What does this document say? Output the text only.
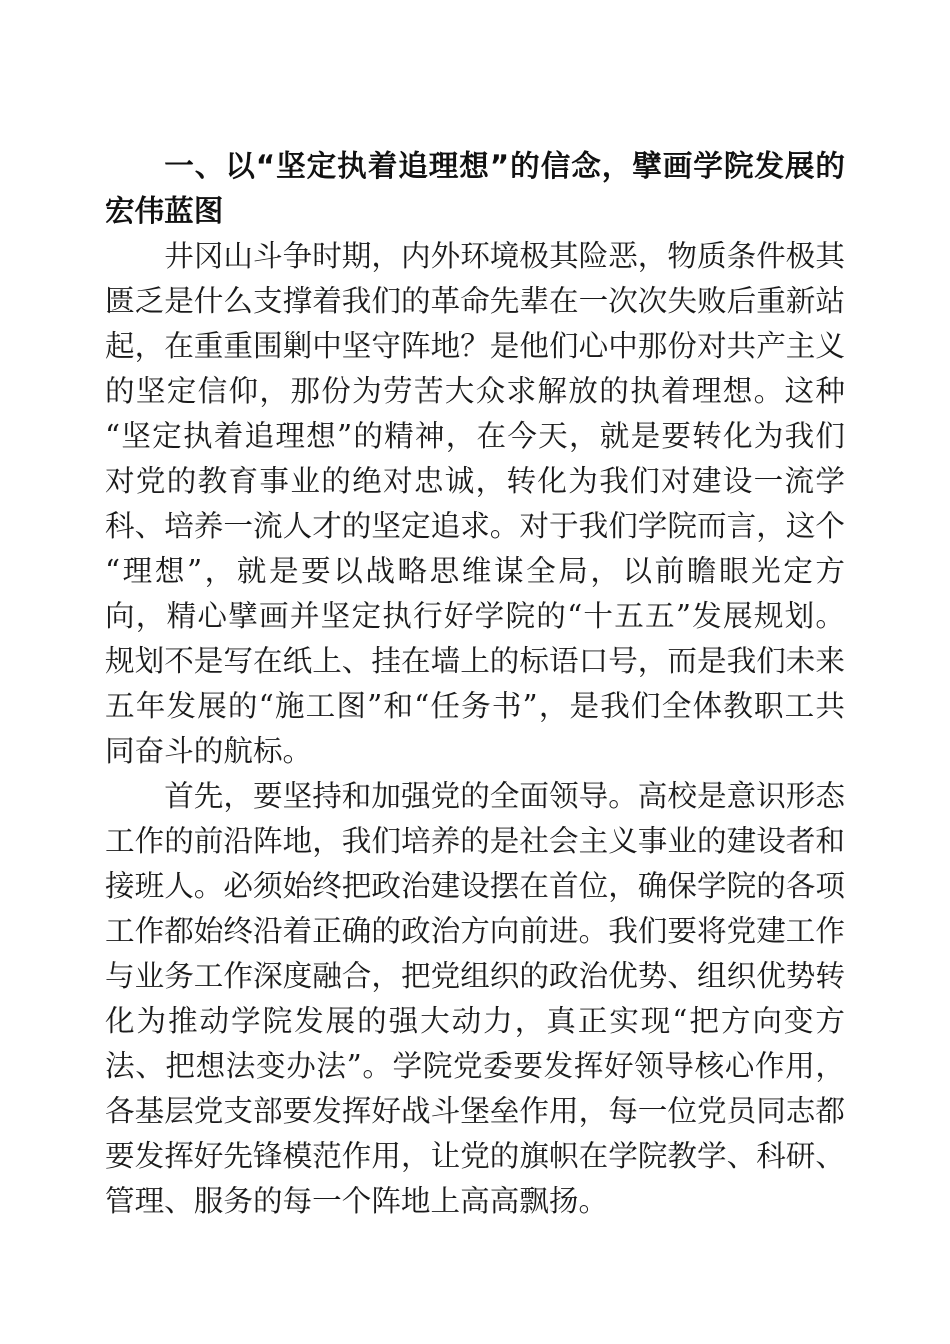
一、以“坚定执着追理想”的信念，擘画学院发展的宏伟蓝图

井冈山斗争时期，内外环境极其险恶，物质条件极其匮乏是什么支撑着我们的革命先辈在一次次失败后重新站起，在重重围剿中坚守阵地？是他们心中那份对共产主义的坚定信仰，那份为劳苦大众求解放的执着理想。这种“坚定执着追理想”的精神，在今天，就是要转化为我们对党的教育事业的绝对忠诚，转化为我们对建设一流学科、培养一流人才的坚定追求。对于我们学院而言，这个“理想”，就是要以战略思维谋全局，以前瞻眼光定方向，精心擘画并坚定执行好学院的“十五五”发展规划。规划不是写在纸上、挂在墙上的标语口号，而是我们未来五年发展的“施工图”和“任务书”，是我们全体教职工共同奋斗的航标。

首先，要坚持和加强党的全面领导。高校是意识形态工作的前沿阵地，我们培养的是社会主义事业的建设者和接班人。必须始终把政治建设摆在首位，确保学院的各项工作都始终沿着正确的政治方向前进。我们要将党建工作与业务工作深度融合，把党组织的政治优势、组织优势转化为推动学院发展的强大动力，真正实现“把方向变方法、把想法变办法”。学院党委要发挥好领导核心作用，各基层党支部要发挥好战斗堡垒作用，每一位党员同志都要发挥好先锋模范作用，让党的旗帜在学院教学、科研、管理、服务的每一个阵地上高高飘扬。
